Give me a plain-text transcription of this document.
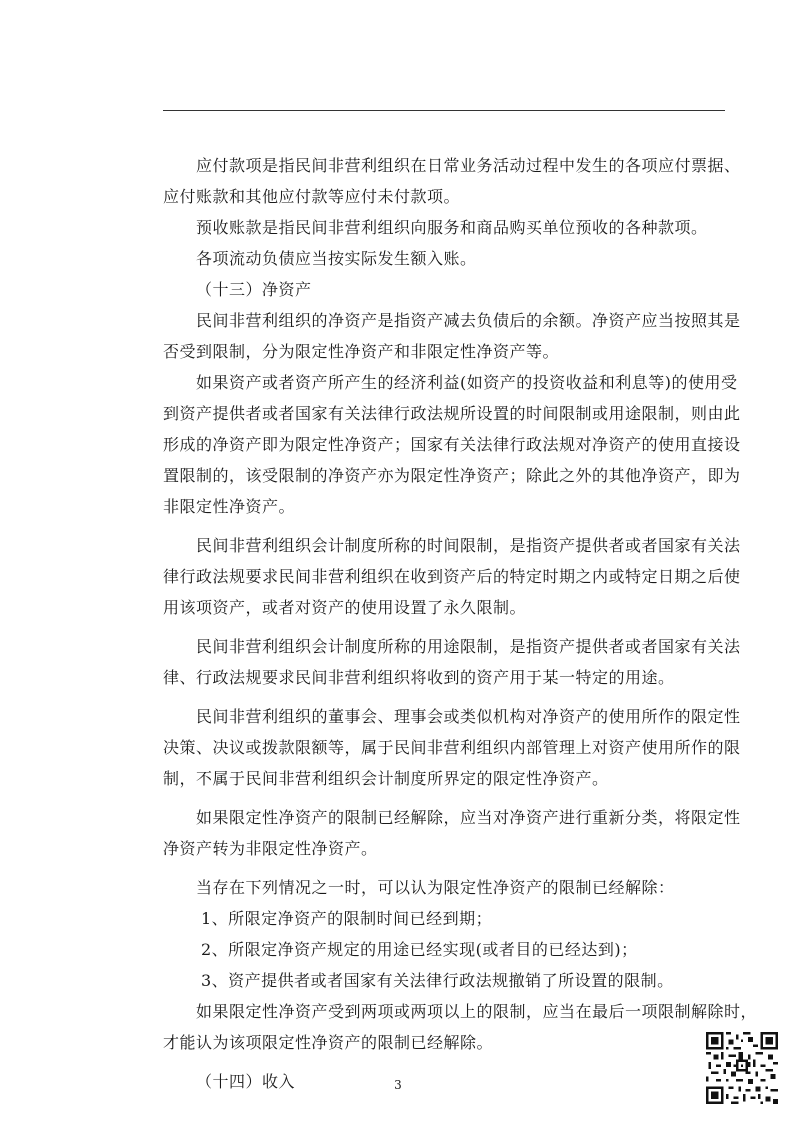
应付款项是指民间非营利组织在日常业务活动过程中发生的各项应付票据、
应付账款和其他应付款等应付未付款项。
预收账款是指民间非营利组织向服务和商品购买单位预收的各种款项。
各项流动负债应当按实际发生额入账。
（十三）净资产
民间非营利组织的净资产是指资产减去负债后的余额。净资产应当按照其是
否受到限制，分为限定性净资产和非限定性净资产等。
如果资产或者资产所产生的经济利益(如资产的投资收益和利息等)的使用受
到资产提供者或者国家有关法律行政法规所设置的时间限制或用途限制，则由此
形成的净资产即为限定性净资产；国家有关法律行政法规对净资产的使用直接设
置限制的，该受限制的净资产亦为限定性净资产；除此之外的其他净资产，即为
非限定性净资产。
民间非营利组织会计制度所称的时间限制，是指资产提供者或者国家有关法
律行政法规要求民间非营利组织在收到资产后的特定时期之内或特定日期之后使
用该项资产，或者对资产的使用设置了永久限制。
民间非营利组织会计制度所称的用途限制，是指资产提供者或者国家有关法
律、行政法规要求民间非营利组织将收到的资产用于某一特定的用途。
民间非营利组织的董事会、理事会或类似机构对净资产的使用所作的限定性
决策、决议或拨款限额等，属于民间非营利组织内部管理上对资产使用所作的限
制，不属于民间非营利组织会计制度所界定的限定性净资产。
如果限定性净资产的限制已经解除，应当对净资产进行重新分类，将限定性
净资产转为非限定性净资产。
当存在下列情况之一时，可以认为限定性净资产的限制已经解除：
1、所限定净资产的限制时间已经到期；
2、所限定净资产规定的用途已经实现(或者目的已经达到)；
3、资产提供者或者国家有关法律行政法规撤销了所设置的限制。
如果限定性净资产受到两项或两项以上的限制，应当在最后一项限制解除时，
才能认为该项限定性净资产的限制已经解除。
（十四）收入	3
